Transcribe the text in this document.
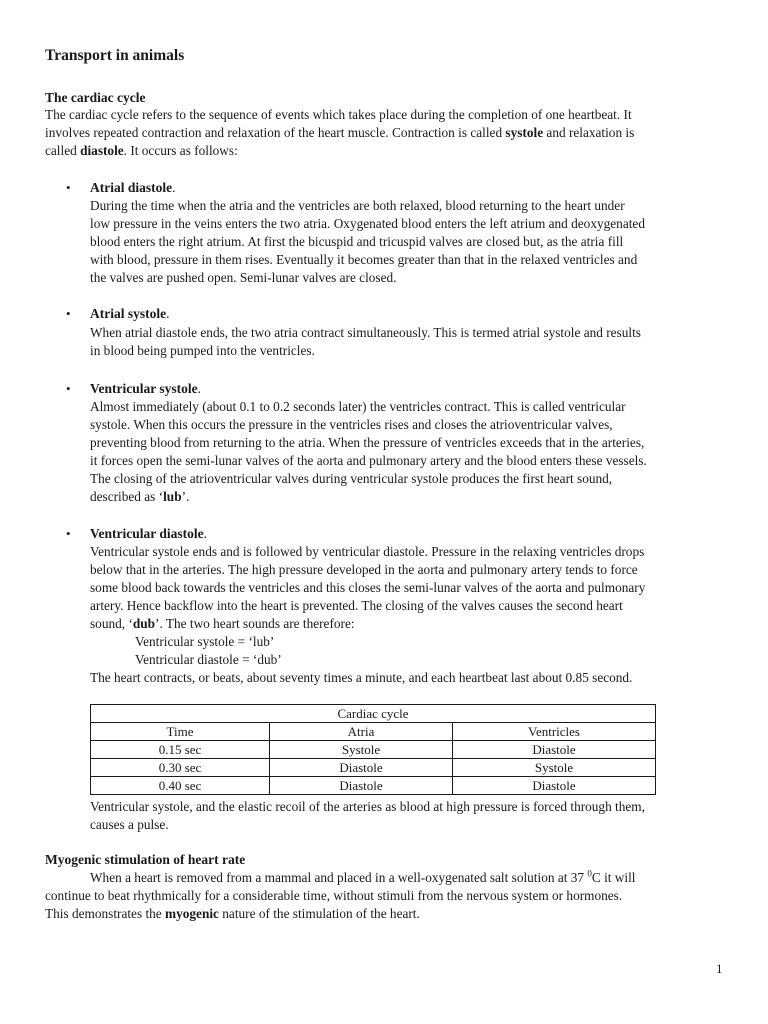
Transport in animals
The cardiac cycle
The cardiac cycle refers to the sequence of events which takes place during the completion of one heartbeat. It
involves repeated contraction and relaxation of the heart muscle. Contraction is called systole and relaxation is
called diastole. It occurs as follows:
• Atrial diastole.
During the time when the atria and the ventricles are both relaxed, blood returning to the heart under
low pressure in the veins enters the two atria. Oxygenated blood enters the left atrium and deoxygenated
blood enters the right atrium. At first the bicuspid and tricuspid valves are closed but, as the atria fill
with blood, pressure in them rises. Eventually it becomes greater than that in the relaxed ventricles and
the valves are pushed open. Semi-lunar valves are closed.
• Atrial systole.
When atrial diastole ends, the two atria contract simultaneously. This is termed atrial systole and results
in blood being pumped into the ventricles.
• Ventricular systole.
Almost immediately (about 0.1 to 0.2 seconds later) the ventricles contract. This is called ventricular
systole. When this occurs the pressure in the ventricles rises and closes the atrioventricular valves,
preventing blood from returning to the atria. When the pressure of ventricles exceeds that in the arteries,
it forces open the semi-lunar valves of the aorta and pulmonary artery and the blood enters these vessels.
The closing of the atrioventricular valves during ventricular systole produces the first heart sound,
described as ‘lub’.
• Ventricular diastole.
Ventricular systole ends and is followed by ventricular diastole. Pressure in the relaxing ventricles drops
below that in the arteries. The high pressure developed in the aorta and pulmonary artery tends to force
some blood back towards the ventricles and this closes the semi-lunar valves of the aorta and pulmonary
artery. Hence backflow into the heart is prevented. The closing of the valves causes the second heart
sound, ‘dub’. The two heart sounds are therefore:
Ventricular systole = ‘lub’
Ventricular diastole = ‘dub’
The heart contracts, or beats, about seventy times a minute, and each heartbeat last about 0.85 second.
Cardiac cycle		
Time	Atria	Ventricles
0.15 sec	Systole	Diastole
0.30 sec	Diastole	Systole
0.40 sec	Diastole	Diastole
Ventricular systole, and the elastic recoil of the arteries as blood at high pressure is forced through them,
causes a pulse.
Myogenic stimulation of heart rate
When a heart is removed from a mammal and placed in a well-oxygenated salt solution at 37 $^0$C it will
continue to beat rhythmically for a considerable time, without stimuli from the nervous system or hormones.
This demonstrates the myogenic nature of the stimulation of the heart.
1
